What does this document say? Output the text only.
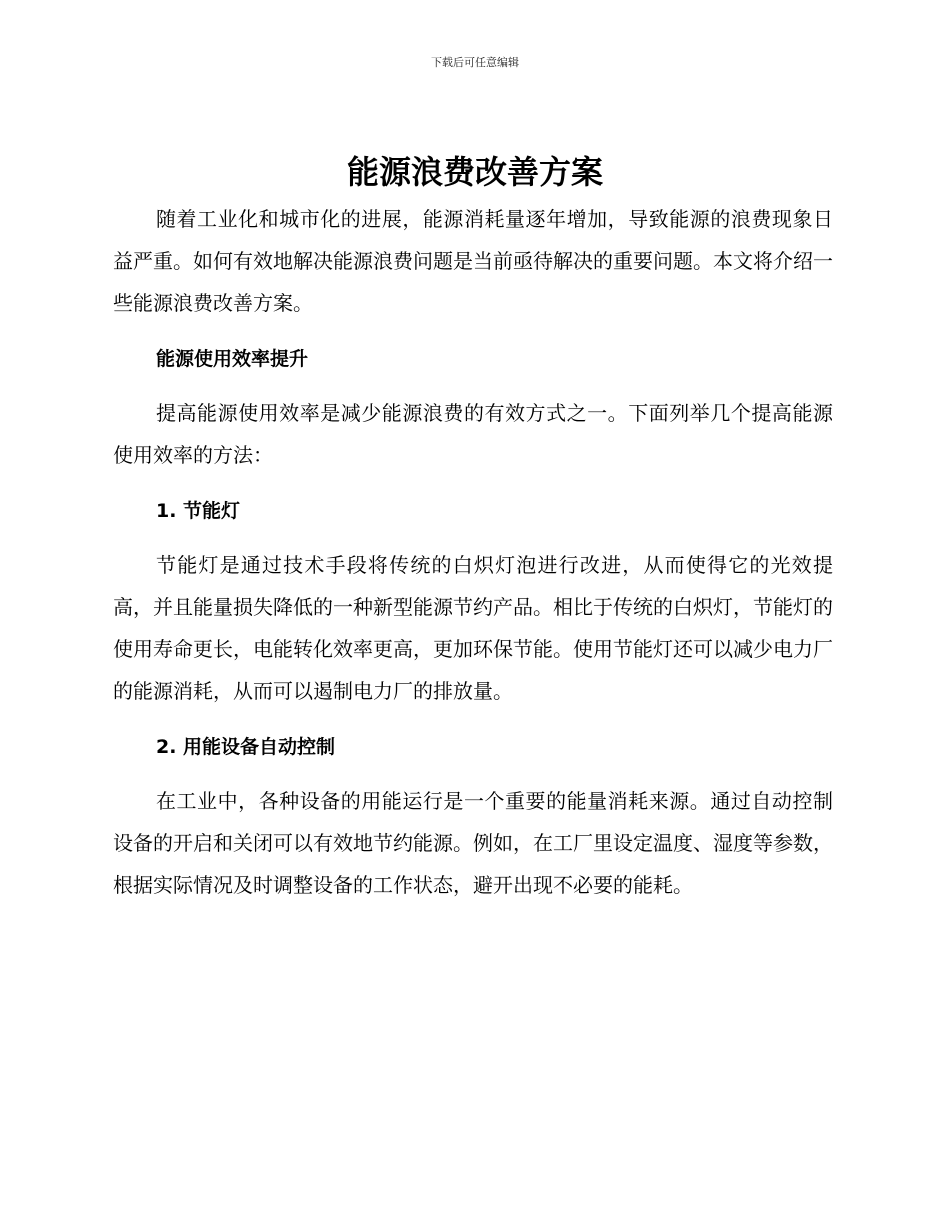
下载后可任意编辑
能源浪费改善方案

随着工业化和城市化的进展，能源消耗量逐年增加，导致能源的浪费现象日益严重。如何有效地解决能源浪费问题是当前亟待解决的重要问题。本文将介绍一些能源浪费改善方案。

能源使用效率提升

提高能源使用效率是减少能源浪费的有效方式之一。下面列举几个提高能源使用效率的方法：

1. 节能灯

节能灯是通过技术手段将传统的白炽灯泡进行改进，从而使得它的光效提高，并且能量损失降低的一种新型能源节约产品。相比于传统的白炽灯，节能灯的使用寿命更长，电能转化效率更高，更加环保节能。使用节能灯还可以减少电力厂的能源消耗，从而可以遏制电力厂的排放量。

2. 用能设备自动控制

在工业中，各种设备的用能运行是一个重要的能量消耗来源。通过自动控制设备的开启和关闭可以有效地节约能源。例如，在工厂里设定温度、湿度等参数，根据实际情况及时调整设备的工作状态，避开出现不必要的能耗。
